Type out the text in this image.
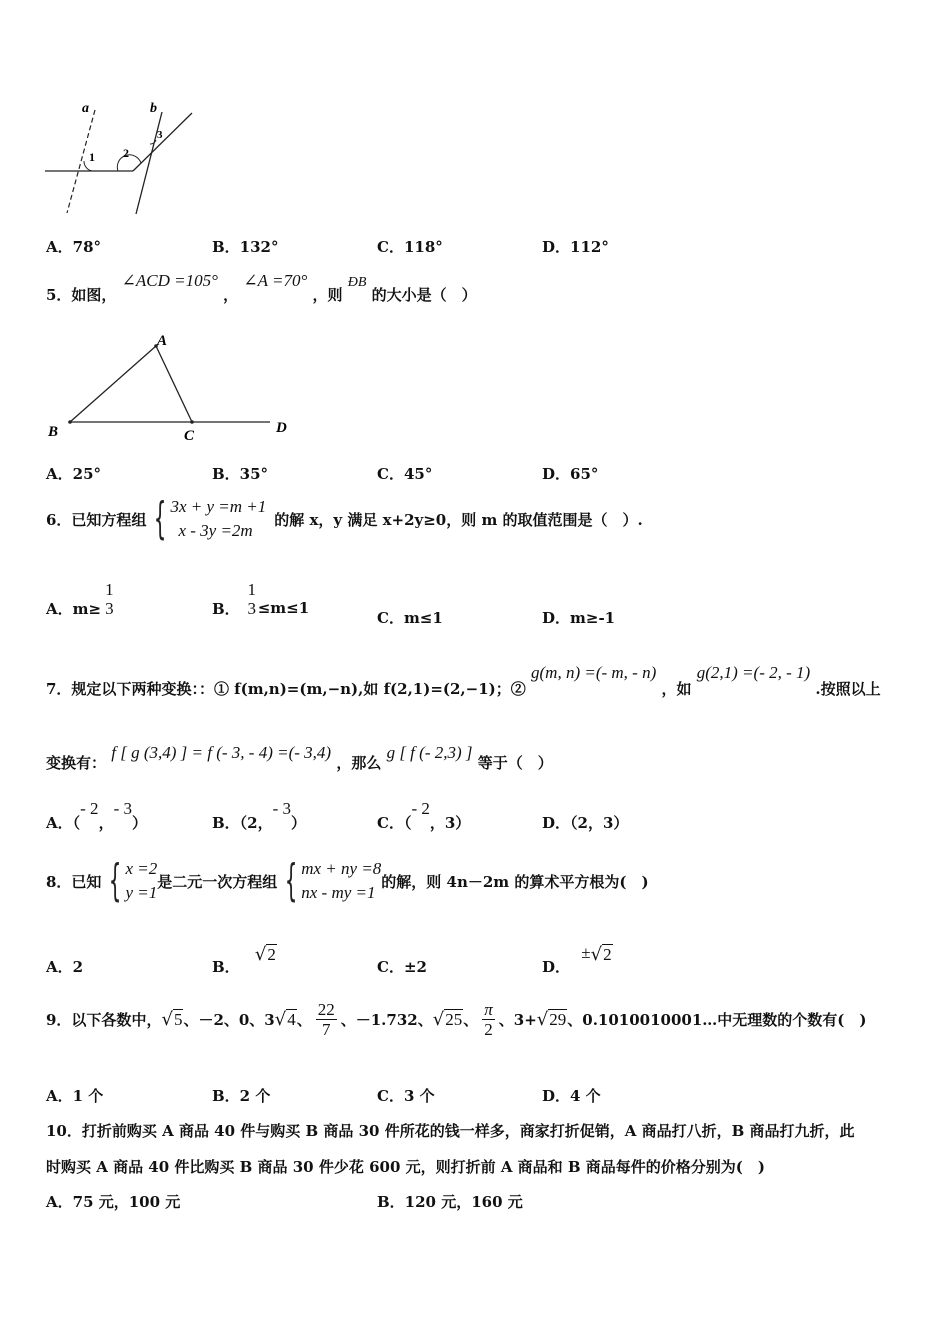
a	b
1 2
3
A．78°	B．132°	C．118°	D．112°
5．如图， ∠ACD =105° ， ∠A =70° ，则 ÐB 的大小是（　）
A
B	C	D
A．25°	B．35°	C．45°	D．65°
6．已知方程组 { 3x + y =m +1
x - 3y =2m
的解 x，y 满足 x+2y≥0，则 m 的取值范围是（　）.
A．m≥
1
3	B．
1
3 ≤m≤1
C．m≤1	D．m≥-1
7．规定以下两种变换：：① f(m,n)=(m,−n),如 f(2,1)=(2,−1)；② g(m, n) =(- m, - n) ，如 g(2,1) =(- 2, - 1) .按照以上
变换有： f [ g (3,4) ] = f (- 3, - 4) =(- 3,4) ，那么 g [ f (- 2,3) ] 等于（　）
A．（- 2，- 3）	B．（2，- 3）	C．（- 2，3）	D．（2，3）
8．已知 { x =2
y =1
是二元一次方程组 { mx + ny =8
nx - my =1
的解，则 4n－2m 的算术平方根为(　)
A．2	B． √2
C．±2	D． ±√2
9．以下各数中， √5 、－2、0、3 √4 、 $\frac{22}{7}$ 、－1.732、 √25 、 $\frac{\pi}{2}$ 、3+ √29 、0.1010010001…中无理数的个数有(　)
A．1 个	B．2 个	C．3 个	D．4 个
10．打折前购买 A 商品 40 件与购买 B 商品 30 件所花的钱一样多，商家打折促销，A 商品打八折，B 商品打九折，此
时购买 A 商品 40 件比购买 B 商品 30 件少花 600 元，则打折前 A 商品和 B 商品每件的价格分别为(　)
A．75 元，100 元	B．120 元，160 元
